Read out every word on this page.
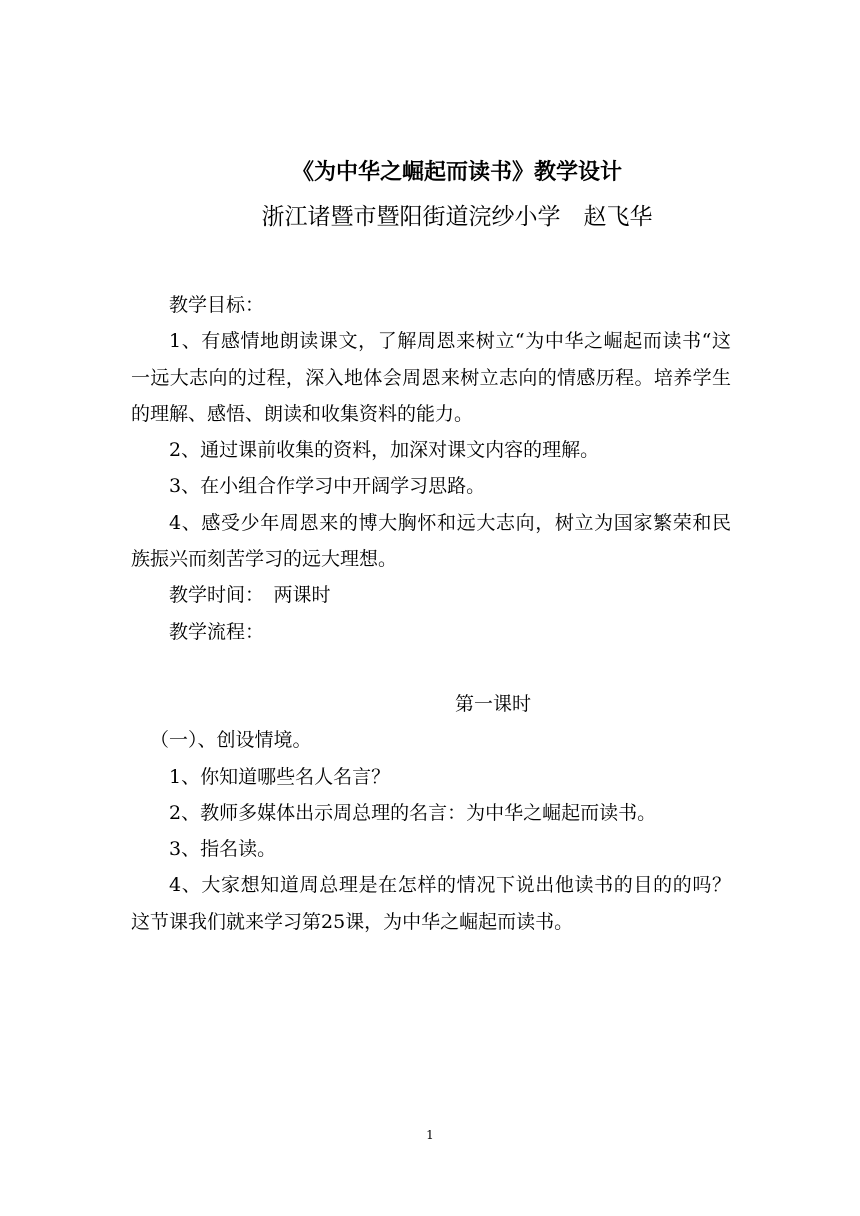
《为中华之崛起而读书》教学设计
浙江诸暨市暨阳街道浣纱小学　赵飞华

教学目标：

1、有感情地朗读课文，了解周恩来树立“为中华之崛起而读书“这一远大志向的过程，深入地体会周恩来树立志向的情感历程。培养学生的理解、感悟、朗读和收集资料的能力。

2、通过课前收集的资料，加深对课文内容的理解。

3、在小组合作学习中开阔学习思路。

4、感受少年周恩来的博大胸怀和远大志向，树立为国家繁荣和民族振兴而刻苦学习的远大理想。

教学时间：　两课时

教学流程：

第一课时

（一）、创设情境。

1、你知道哪些名人名言？

2、教师多媒体出示周总理的名言：为中华之崛起而读书。

3、指名读。

4、大家想知道周总理是在怎样的情况下说出他读书的目的的吗？这节课我们就来学习第25课，为中华之崛起而读书。

1
